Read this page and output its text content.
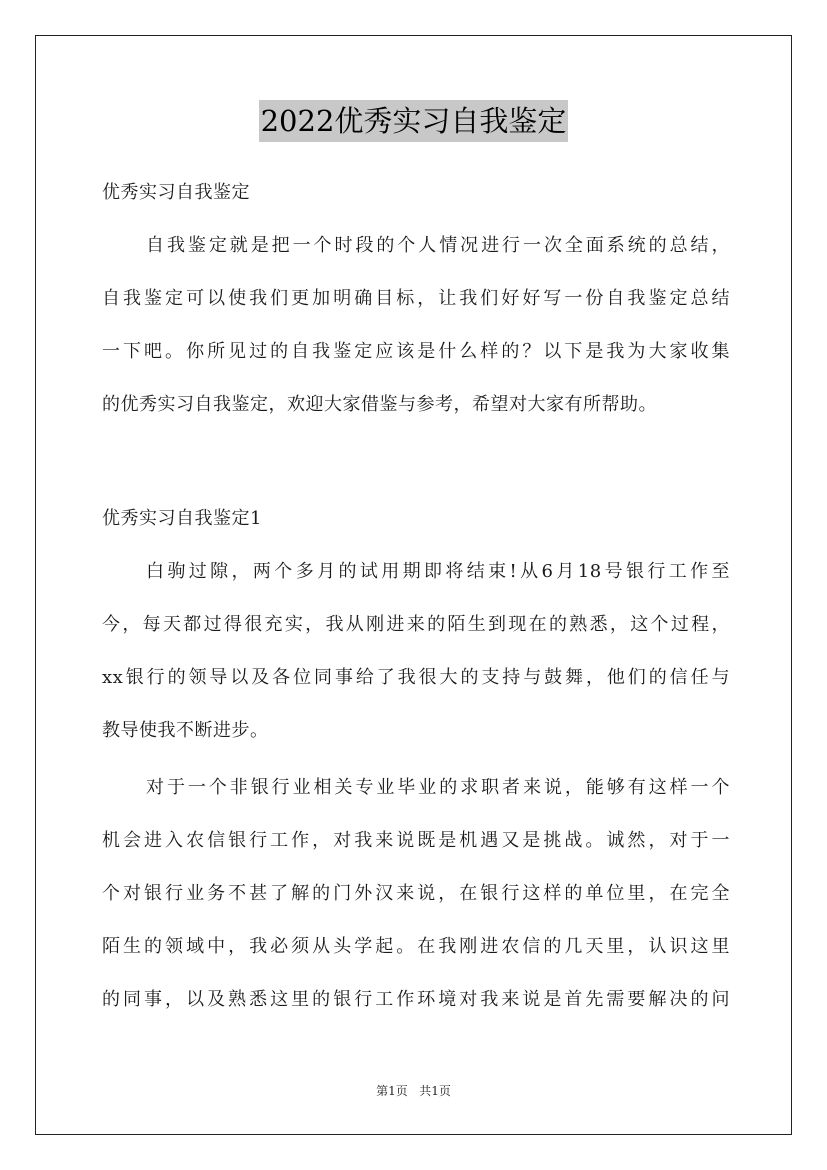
2022优秀实习自我鉴定
优秀实习自我鉴定
自我鉴定就是把一个时段的个人情况进行一次全面系统的总结，
自我鉴定可以使我们更加明确目标，让我们好好写一份自我鉴定总结
一下吧。你所见过的自我鉴定应该是什么样的？以下是我为大家收集
的优秀实习自我鉴定，欢迎大家借鉴与参考，希望对大家有所帮助。
优秀实习自我鉴定1
白驹过隙，两个多月的试用期即将结束!从6月18号银行工作至
今，每天都过得很充实，我从刚进来的陌生到现在的熟悉，这个过程，
xx银行的领导以及各位同事给了我很大的支持与鼓舞，他们的信任与
教导使我不断进步。
对于一个非银行业相关专业毕业的求职者来说，能够有这样一个
机会进入农信银行工作，对我来说既是机遇又是挑战。诚然，对于一
个对银行业务不甚了解的门外汉来说，在银行这样的单位里，在完全
陌生的领域中，我必须从头学起。在我刚进农信的几天里，认识这里
的同事，以及熟悉这里的银行工作环境对我来说是首先需要解决的问
第1页 共1页
